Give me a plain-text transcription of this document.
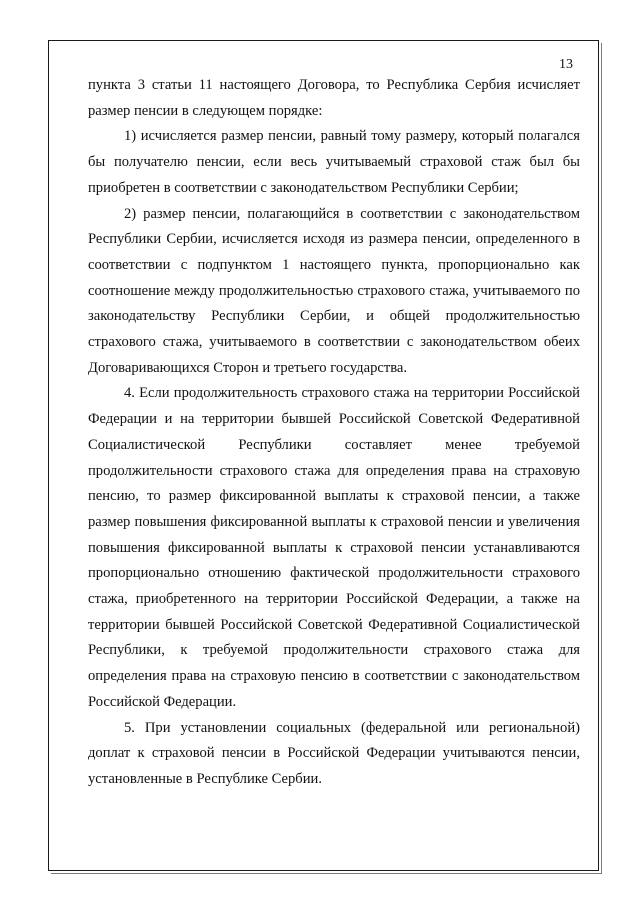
13

пункта 3 статьи 11 настоящего Договора, то Республика Сербия исчисляет размер пенсии в следующем порядке:

1) исчисляется размер пенсии, равный тому размеру, который полагался бы получателю пенсии, если весь учитываемый страховой стаж был бы приобретен в соответствии с законодательством Республики Сербии;

2) размер пенсии, полагающийся в соответствии с законодательством Республики Сербии, исчисляется исходя из размера пенсии, определенного в соответствии с подпунктом 1 настоящего пункта, пропорционально как соотношение между продолжительностью страхового стажа, учитываемого по законодательству Республики Сербии, и общей продолжительностью страхового стажа, учитываемого в соответствии с законодательством обеих Договаривающихся Сторон и третьего государства.

4. Если продолжительность страхового стажа на территории Российской Федерации и на территории бывшей Российской Советской Федеративной Социалистической Республики составляет менее требуемой продолжительности страхового стажа для определения права на страховую пенсию, то размер фиксированной выплаты к страховой пенсии, а также размер повышения фиксированной выплаты к страховой пенсии и увеличения повышения фиксированной выплаты к страховой пенсии устанавливаются пропорционально отношению фактической продолжительности страхового стажа, приобретенного на территории Российской Федерации, а также на территории бывшей Российской Советской Федеративной Социалистической Республики, к требуемой продолжительности страхового стажа для определения права на страховую пенсию в соответствии с законодательством Российской Федерации.

5. При установлении социальных (федеральной или региональной) доплат к страховой пенсии в Российской Федерации учитываются пенсии, установленные в Республике Сербии.
